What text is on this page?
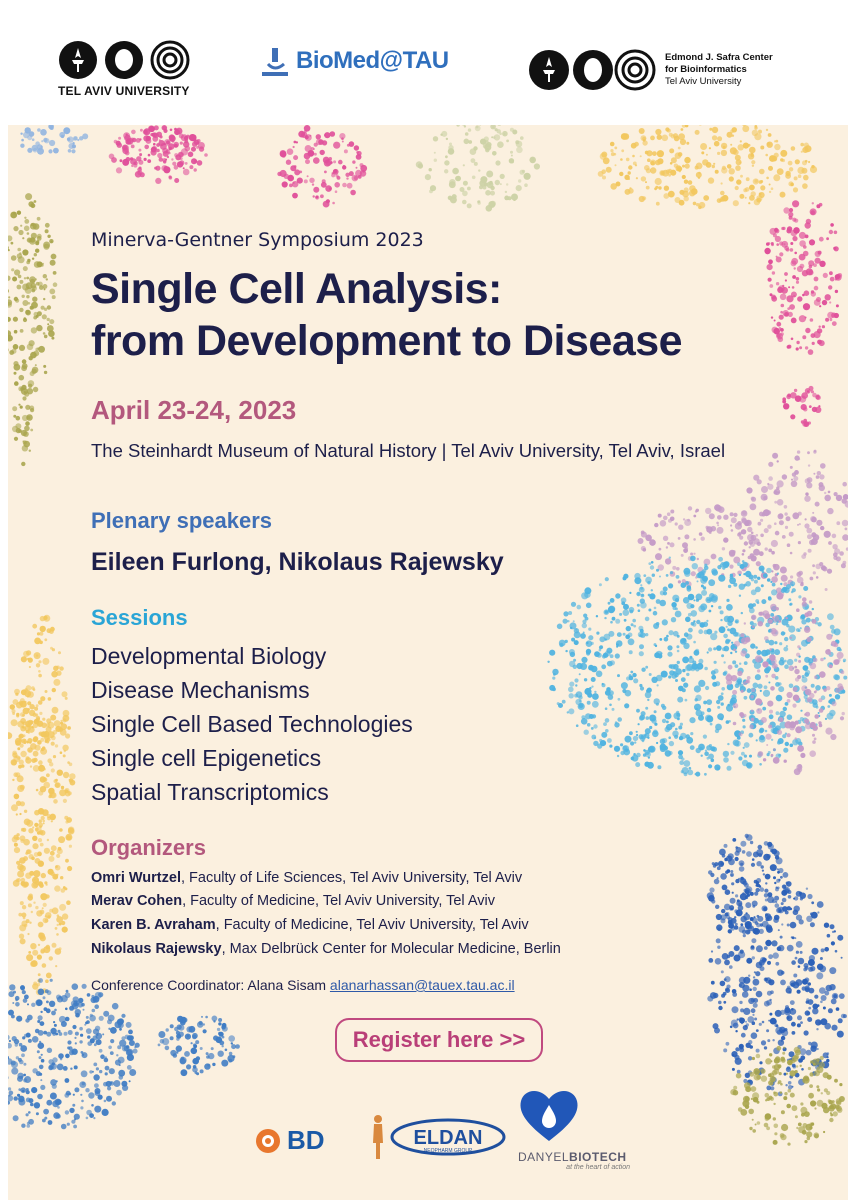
TEL AVIV UNIVERSITY
BioMed@TAU	Edmond J. Safra Center
for Bioinformatics
Tel Aviv University
Minerva-Gentner Symposium 2023
Single Cell Analysis:
from Development to Disease
April 23-24, 2023
The Steinhardt Museum of Natural History | Tel Aviv University, Tel Aviv, Israel
Plenary speakers
Eileen Furlong, Nikolaus Rajewsky
Sessions
Developmental Biology
Disease Mechanisms
Single Cell Based Technologies
Single cell Epigenetics
Spatial Transcriptomics
Organizers
Omri Wurtzel, Faculty of Life Sciences, Tel Aviv University, Tel Aviv
Merav Cohen, Faculty of Medicine, Tel Aviv University, Tel Aviv
Karen B. Avraham, Faculty of Medicine, Tel Aviv University, Tel Aviv
Nikolaus Rajewsky, Max Delbrück Center for Molecular Medicine, Berlin
Conference Coordinator: Alana Sisam alanarhassan@tauex.tau.ac.il
Register here >>
BD	ELDAN
NEOPHARM GROUP	DANYELBIOTECH
at the heart of action
